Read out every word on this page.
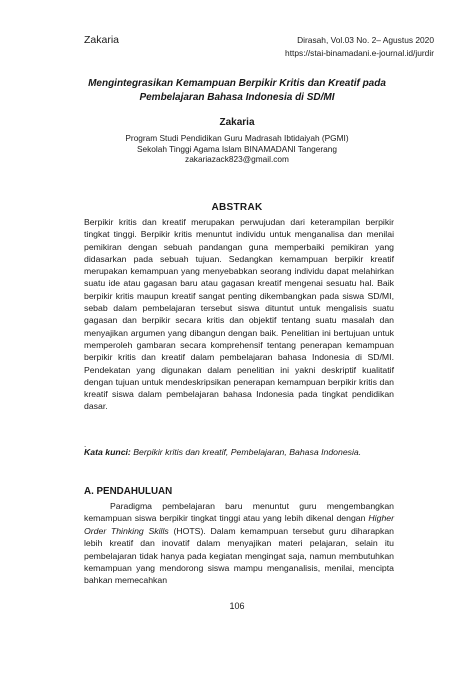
Zakaria	Dirasah, Vol.03 No. 2– Agustus 2020
https://stai-binamadani.e-journal.id/jurdir
Mengintegrasikan Kemampuan Berpikir Kritis dan Kreatif pada
Pembelajaran Bahasa Indonesia di SD/MI
Zakaria
Program Studi Pendidikan Guru Madrasah Ibtidaiyah (PGMI)
Sekolah Tinggi Agama Islam BINAMADANI Tangerang
zakariazack823@gmail.com
ABSTRAK

Berpikir kritis dan kreatif merupakan perwujudan dari keterampilan berpikir tingkat tinggi. Berpikir kritis menuntut individu untuk menganalisa dan menilai pemikiran dengan sebuah pandangan guna memperbaiki pemikiran yang didasarkan pada sebuah tujuan. Sedangkan kemampuan berpikir kreatif merupakan kemampuan yang menyebabkan seorang individu dapat melahirkan suatu ide atau gagasan baru atau gagasan kreatif mengenai sesuatu hal. Baik berpikir kritis maupun kreatif sangat penting dikembangkan pada siswa SD/MI, sebab dalam pembelajaran tersebut siswa dituntut untuk mengalisis suatu gagasan dan berpikir secara kritis dan objektif tentang suatu masalah dan menyajikan argumen yang dibangun dengan baik. Penelitian ini bertujuan untuk memperoleh gambaran secara komprehensif tentang penerapan kemampuan berpikir kritis dan kreatif dalam pembelajaran bahasa Indonesia di SD/MI. Pendekatan yang digunakan dalam penelitian ini yakni deskriptif kualitatif dengan tujuan untuk mendeskripsikan penerapan kemampuan berpikir kritis dan kreatif siswa dalam pembelajaran bahasa Indonesia pada tingkat pendidikan dasar.

.
Kata kunci: Berpikir kritis dan kreatif, Pembelajaran, Bahasa Indonesia.
A. PENDAHULUAN

Paradigma pembelajaran baru menuntut guru mengembangkan kemampuan siswa berpikir tingkat tinggi atau yang lebih dikenal dengan Higher Order Thinking Skills (HOTS). Dalam kemampuan tersebut guru diharapkan lebih kreatif dan inovatif dalam menyajikan materi pelajaran, selain itu pembelajaran tidak hanya pada kegiatan mengingat saja, namun membutuhkan kemampuan yang mendorong siswa mampu menganalisis, menilai, mencipta bahkan memecahkan

106
